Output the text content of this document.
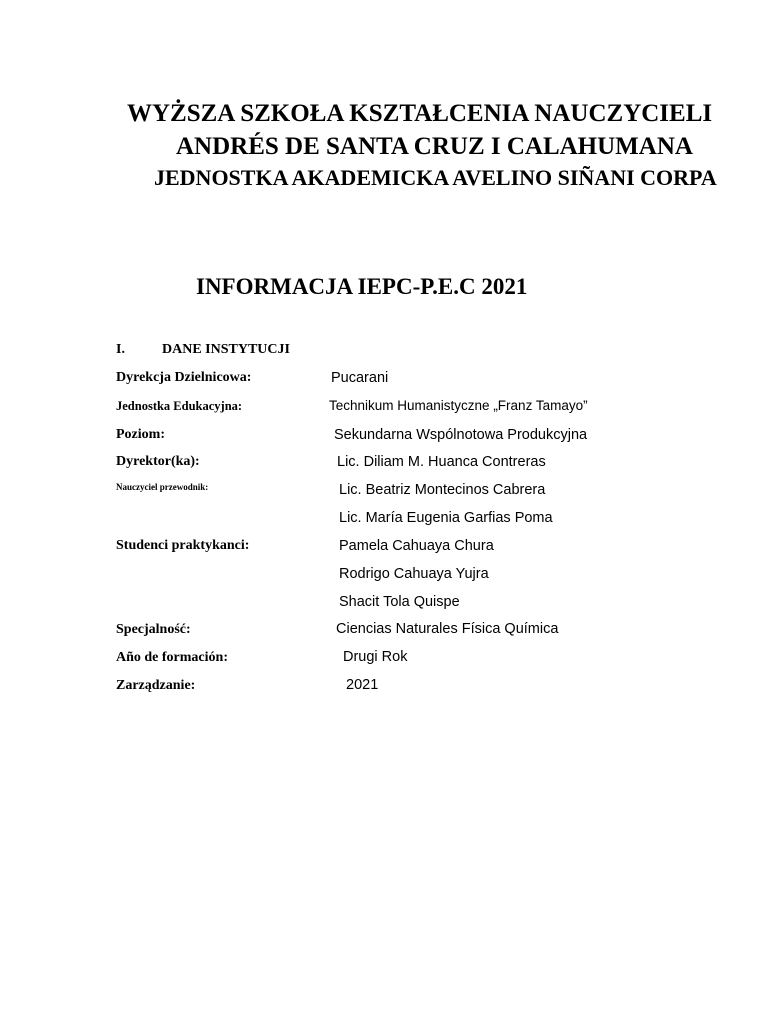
WYŻSZA SZKOŁA KSZTAŁCENIA NAUCZYCIELI
ANDRÉS DE SANTA CRUZ I CALAHUMANA
JEDNOSTKA AKADEMICKA AVELINO SIÑANI CORPA
INFORMACJA IEPC-P.E.C 2021
I.	DANE INSTYTUCJI
Dyrekcja Dzielnicowa:	Pucarani
Jednostka Edukacyjna:	Technikum Humanistyczne „Franz Tamayo”
Poziom:	Sekundarna Wspólnotowa Produkcyjna
Dyrektor(ka):	Lic. Diliam M. Huanca Contreras
Nauczyciel przewodnik:	Lic. Beatriz Montecinos Cabrera
Lic. María Eugenia Garfias Poma
Studenci praktykanci:	Pamela Cahuaya Chura
Rodrigo Cahuaya Yujra
Shacit Tola Quispe
Specjalność:	Ciencias Naturales Física Química
Año de formación:	Drugi Rok
Zarządzanie:	2021
